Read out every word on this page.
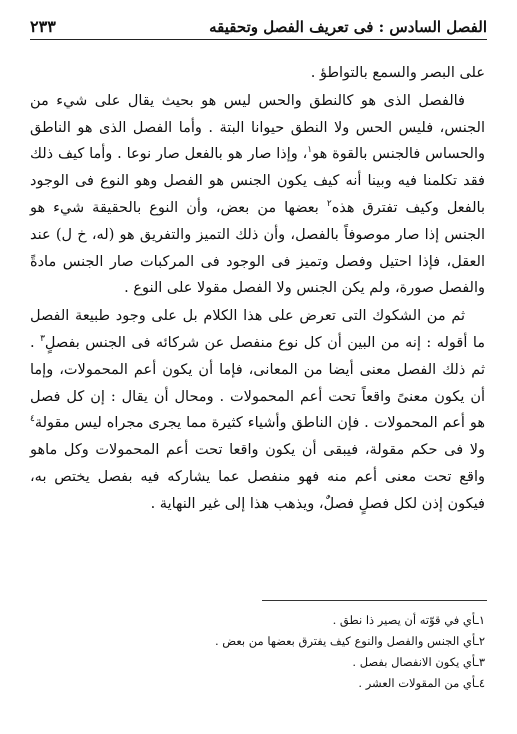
٢٣٣	الفصل السادس : فى تعريف الفصل وتحقيقه

على البصر والسمع بالتواطؤ .

فالفصل الذى هو كالنطق والحس ليس هو بحيث يقال على شيء من الجنس، فليس الحس ولا النطق حيوانا البتة . وأما الفصل الذى هو الناطق والحساس فالجنس بالقوة هو$^١$، وإذا صار هو بالفعل صار نوعا . وأما كيف ذلك فقد تكلمنا فيه وبينا أنه كيف يكون الجنس هو الفصل وهو النوع فى الوجود بالفعل وكيف تفترق هذه$^٢$ بعضها من بعض، وأن النوع بالحقيقة شيء هو الجنس إذا صار موصوفاً بالفصل، وأن ذلك التميز والتفريق هو (له، خ ل) عند العقل، فإذا احتيل وفصل وتميز فى الوجود فى المركبات صار الجنس مادةً والفصل صورة، ولم يكن الجنس ولا الفصل مقولا على النوع .

ثم من الشكوك التى تعرض على هذا الكلام بل على وجود طبيعة الفصل ما أقوله : إنه من البين أن كل نوع منفصل عن شركائه فى الجنس بفصلٍ$^٣$ . ثم ذلك الفصل معنى أيضا من المعانى، فإما أن يكون أعم المحمولات، وإما أن يكون معنىً واقعاً تحت أعم المحمولات . ومحال أن يقال : إن كل فصل هو أعم المحمولات . فإن الناطق وأشياء كثيرة مما يجرى مجراه ليس مقولة$^٤$ ولا فى حكم مقولة، فيبقى أن يكون واقعا تحت أعم المحمولات وكل ماهو واقع تحت معنى أعم منه فهو منفصل عما يشاركه فيه بفصل يختص به، فيكون إذن لكل فصلٍ فصلٌ، ويذهب هذا إلى غير النهاية .

١ـأي في قوّته أن يصير ذا نطق .

٢ـأي الجنس والفصل والنوع كيف يفترق بعضها من بعض .

٣ـأي يكون الانفصال بفصل .

٤ـأي من المقولات العشر .
